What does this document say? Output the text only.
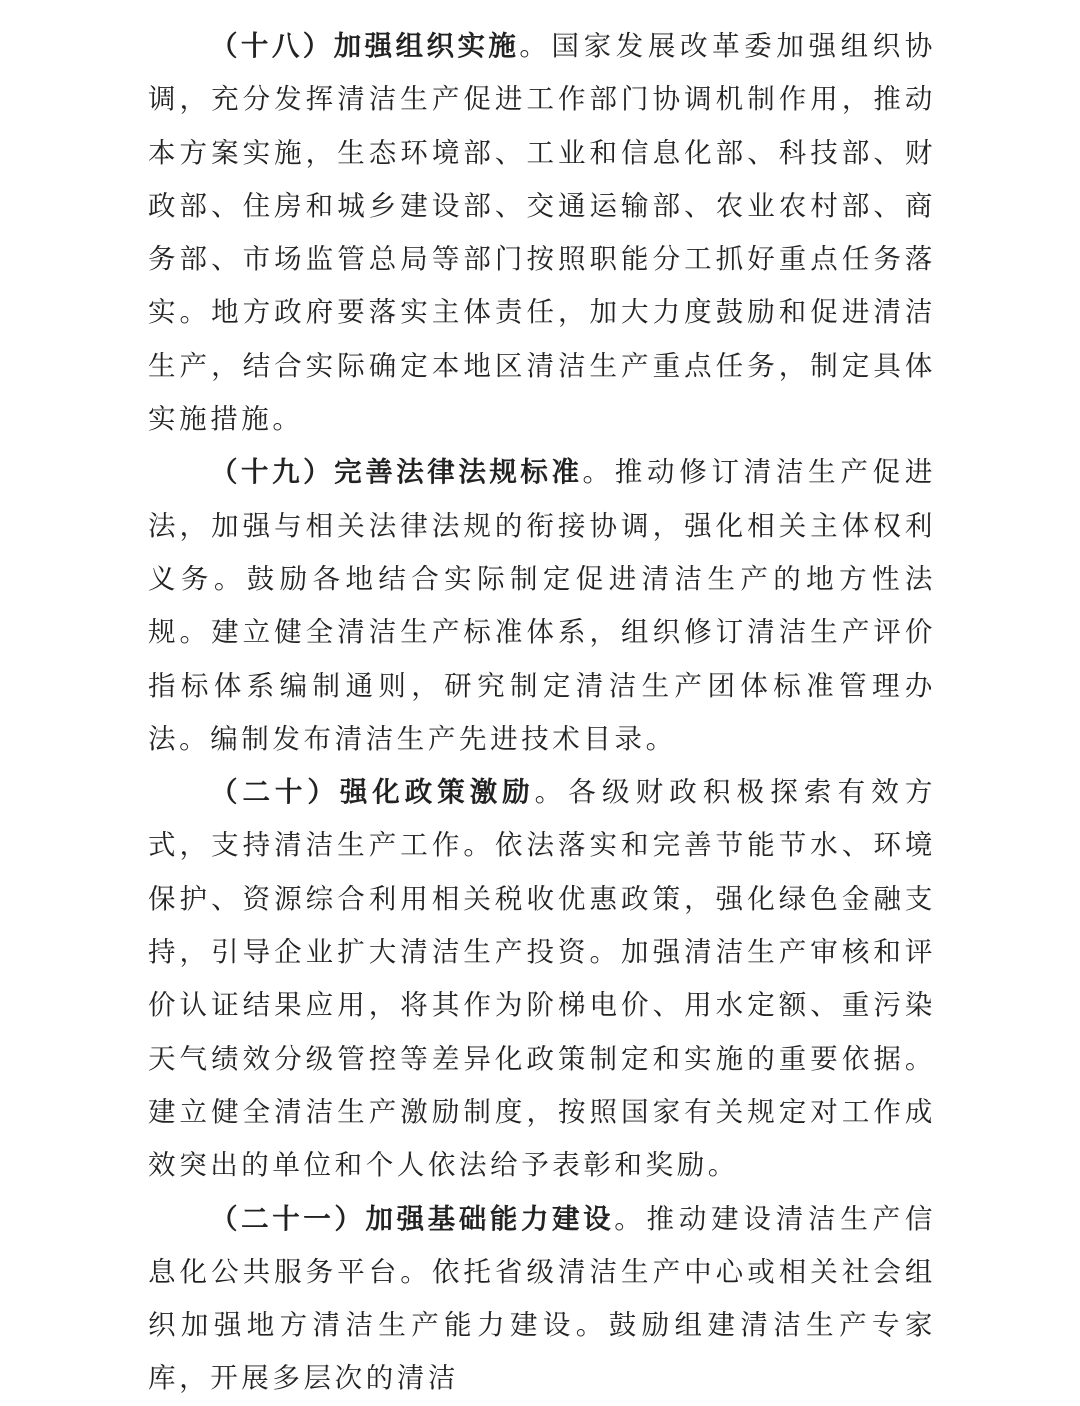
（十八）加强组织实施。国家发展改革委加强组织协调，充分发挥清洁生产促进工作部门协调机制作用，推动本方案实施，生态环境部、工业和信息化部、科技部、财政部、住房和城乡建设部、交通运输部、农业农村部、商务部、市场监管总局等部门按照职能分工抓好重点任务落实。地方政府要落实主体责任，加大力度鼓励和促进清洁生产，结合实际确定本地区清洁生产重点任务，制定具体实施措施。

（十九）完善法律法规标准。推动修订清洁生产促进法，加强与相关法律法规的衔接协调，强化相关主体权利义务。鼓励各地结合实际制定促进清洁生产的地方性法规。建立健全清洁生产标准体系，组织修订清洁生产评价指标体系编制通则，研究制定清洁生产团体标准管理办法。编制发布清洁生产先进技术目录。

（二十）强化政策激励。各级财政积极探索有效方式，支持清洁生产工作。依法落实和完善节能节水、环境保护、资源综合利用相关税收优惠政策，强化绿色金融支持，引导企业扩大清洁生产投资。加强清洁生产审核和评价认证结果应用，将其作为阶梯电价、用水定额、重污染天气绩效分级管控等差异化政策制定和实施的重要依据。建立健全清洁生产激励制度，按照国家有关规定对工作成效突出的单位和个人依法给予表彰和奖励。

（二十一）加强基础能力建设。推动建设清洁生产信息化公共服务平台。依托省级清洁生产中心或相关社会组织加强地方清洁生产能力建设。鼓励组建清洁生产专家库，开展多层次的清洁
